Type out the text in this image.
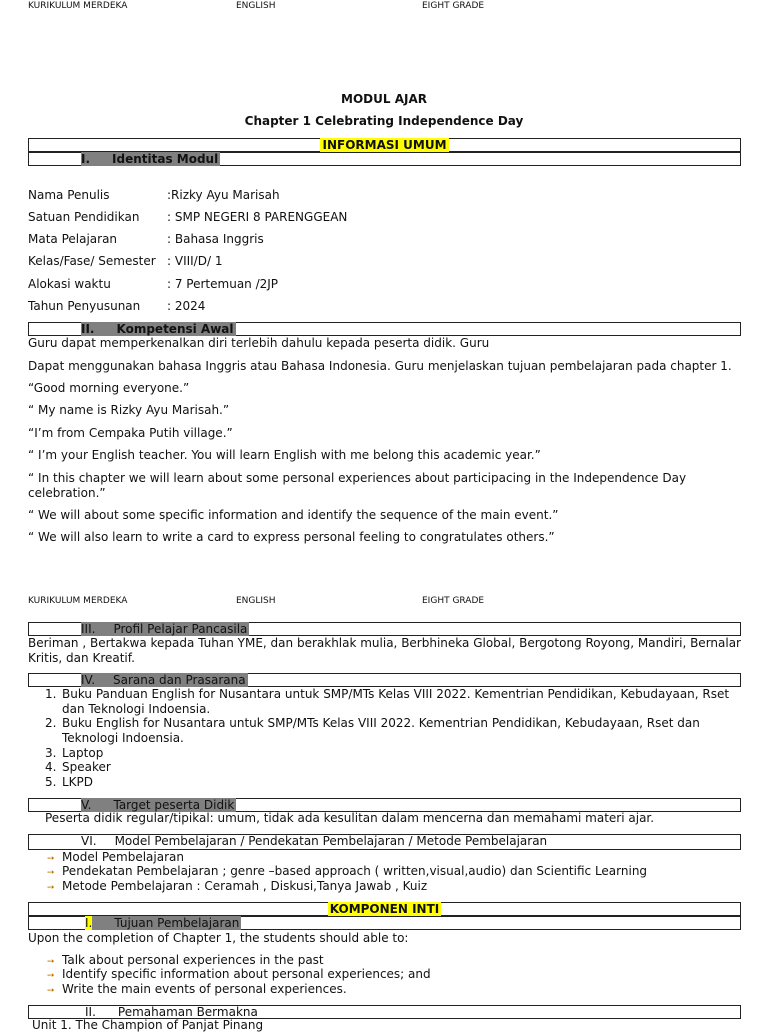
KURIKULUM MERDEKA	ENGLISH	EIGHT GRADE
MODUL AJAR
Chapter 1 Celebrating Independence Day
INFORMASI UMUM
I. Identitas Modul
Nama Penulis	:Rizky Ayu Marisah
Satuan Pendidikan : SMP NEGERI 8 PARENGGEAN
Mata Pelajaran	: Bahasa Inggris
Kelas/Fase/ Semester : VIII/D/ 1
Alokasi waktu	: 7 Pertemuan /2JP
Tahun Penyusunan : 2024
II. Kompetensi Awal
Guru dapat memperkenalkan diri terlebih dahulu kepada peserta didik. Guru
Dapat menggunakan bahasa Inggris atau Bahasa Indonesia. Guru menjelaskan tujuan pembelajaran pada chapter 1.
“Good morning everyone.”
“ My name is Rizky Ayu Marisah.”
“I’m from Cempaka Putih village.”
“ I’m your English teacher. You will learn English with me belong this academic year.”
“ In this chapter we will learn about some personal experiences about participacing in the Independence Day celebration.”
“ We will about some specific information and identify the sequence of the main event.”
“ We will also learn to write a card to express personal feeling to congratulates others.”
KURIKULUM MERDEKA	ENGLISH	EIGHT GRADE
III. Profil Pelajar Pancasila
Beriman , Bertakwa kepada Tuhan YME, dan berakhlak mulia, Berbhineka Global, Bergotong Royong, Mandiri, Bernalar Kritis, dan Kreatif.
IV. Sarana dan Prasarana
1. Buku Panduan English for Nusantara untuk SMP/MTs Kelas VIII 2022. Kementrian Pendidikan, Kebudayaan, Rset dan Teknologi Indoensia.
2. Buku English for Nusantara untuk SMP/MTs Kelas VIII 2022. Kementrian Pendidikan, Kebudayaan, Rset dan Teknologi Indoensia.
3. Laptop
4. Speaker
5. LKPD
V. Target peserta Didik
Peserta didik regular/tipikal: umum, tidak ada kesulitan dalam mencerna dan memahami materi ajar.
VI. Model Pembelajaran / Pendekatan Pembelajaran / Metode Pembelajaran
➙ Model Pembelajaran
➙ Pendekatan Pembelajaran ; genre –based approach ( written,visual,audio) dan Scientific Learning
➙ Metode Pembelajaran : Ceramah , Diskusi,Tanya Jawab , Kuiz
KOMPONEN INTI
I. Tujuan Pembelajaran
Upon the completion of Chapter 1, the students should able to:
➙ Talk about personal experiences in the past
➙ Identify specific information about personal experiences; and
➙ Write the main events of personal experiences.
II. Pemahaman Bermakna
Unit 1. The Champion of Panjat Pinang
